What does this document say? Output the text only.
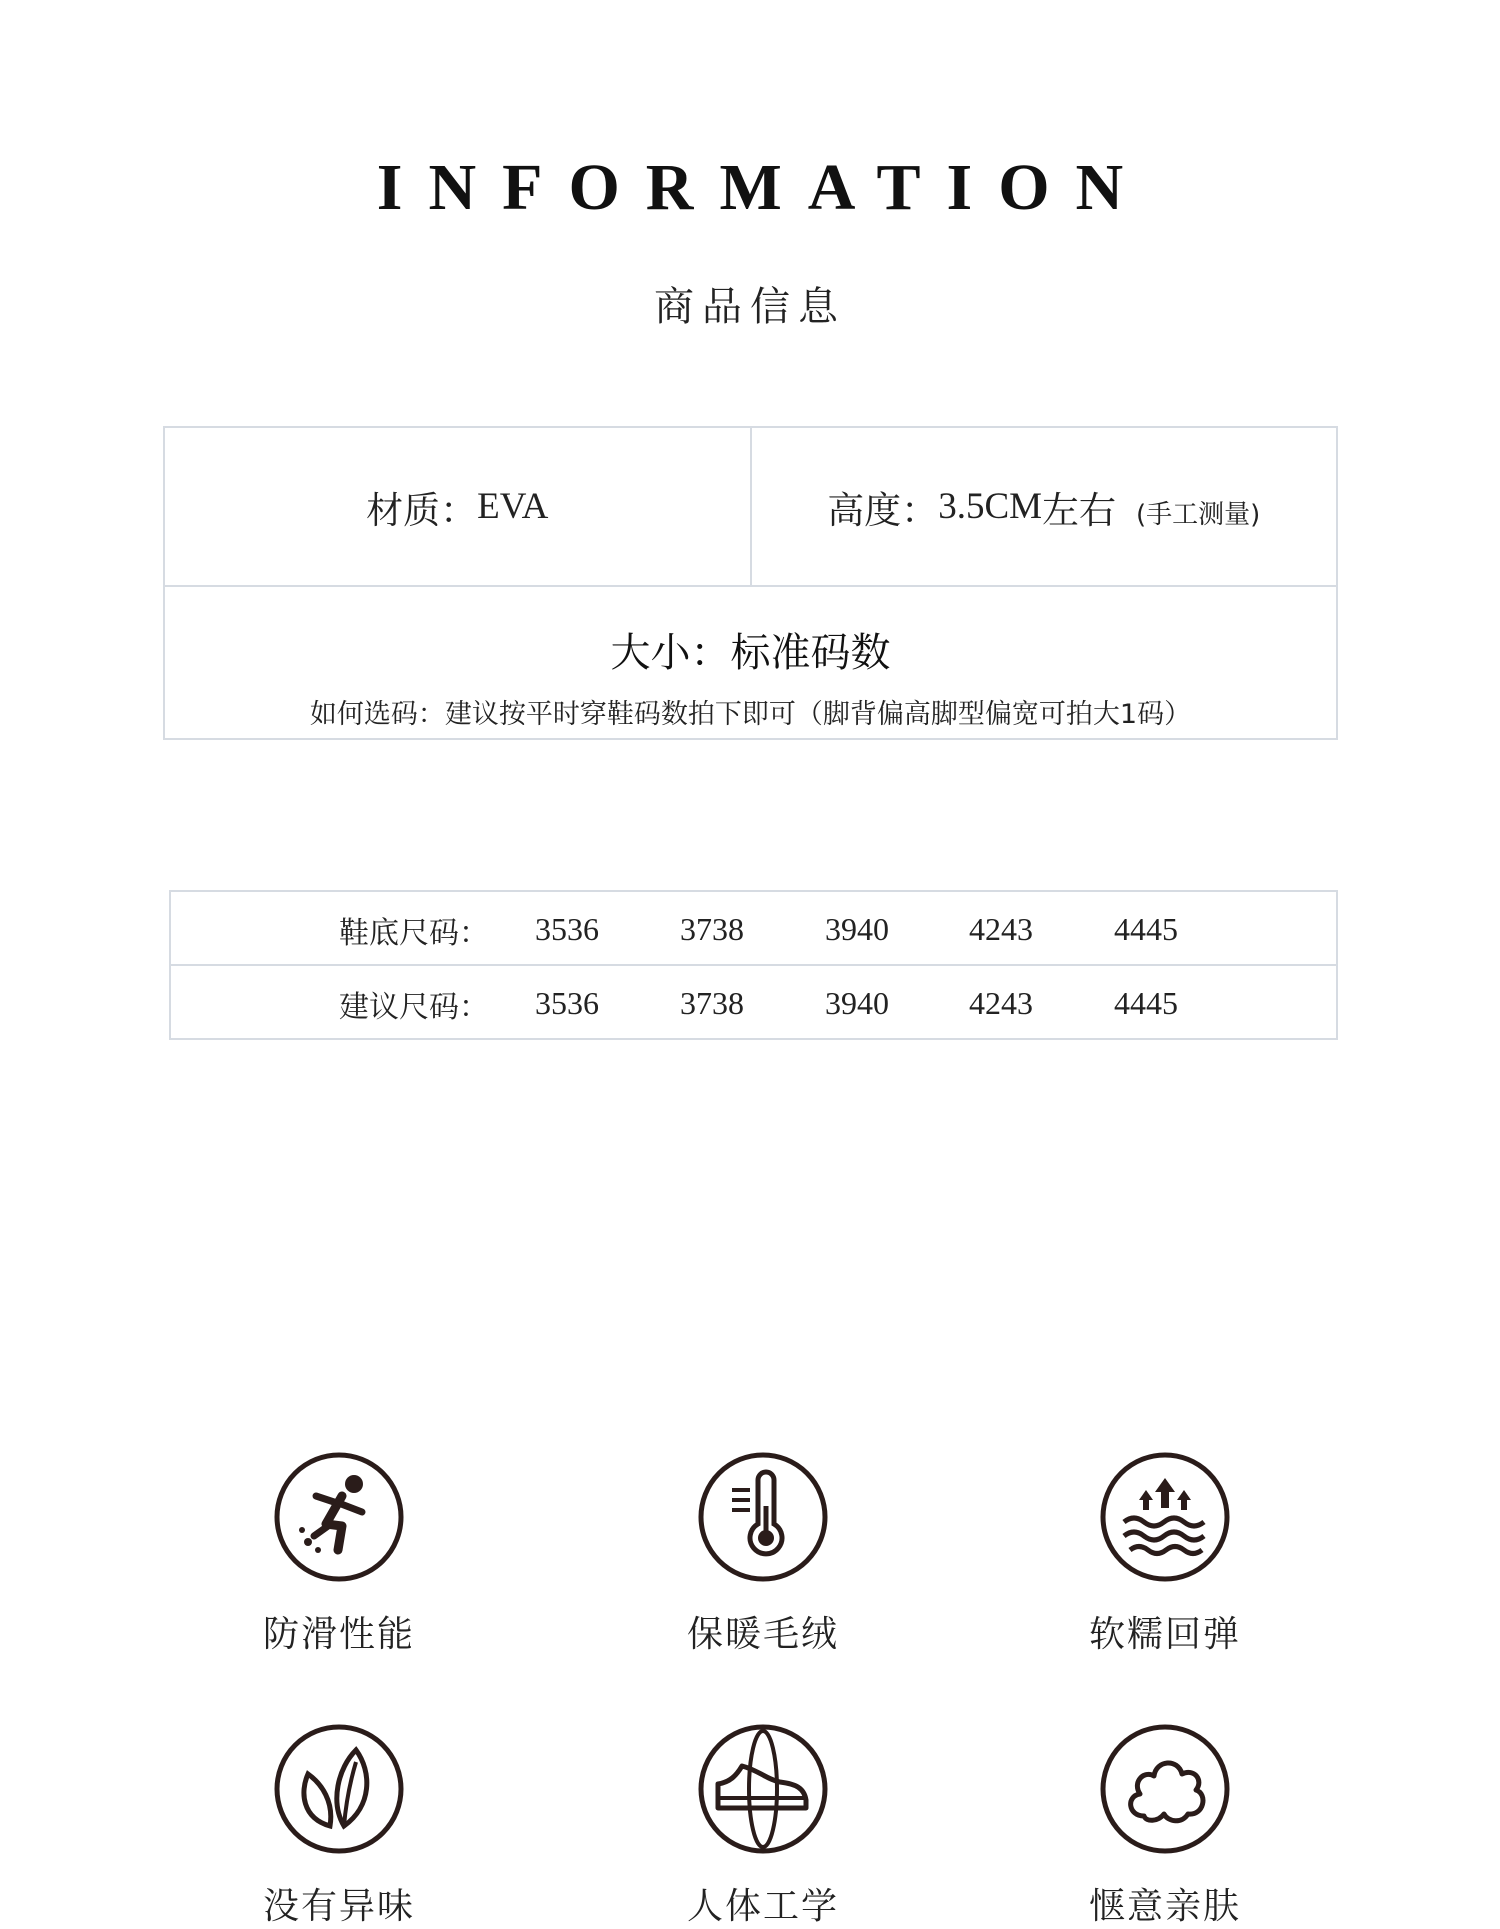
INFORMATION
商品信息
材质： EVA	高度： 3.5CM 左右 (手工测量)
大小：标准码数
如何选码：建议按平时穿鞋码数拍下即可（脚背偏高脚型偏宽可拍大1码）
鞋底尺码：	3536	3738	3940	4243	4445
建议尺码：	3536	3738	3940	4243	4445
防滑性能	保暖毛绒	软糯回弹
没有异味	人体工学	惬意亲肤
